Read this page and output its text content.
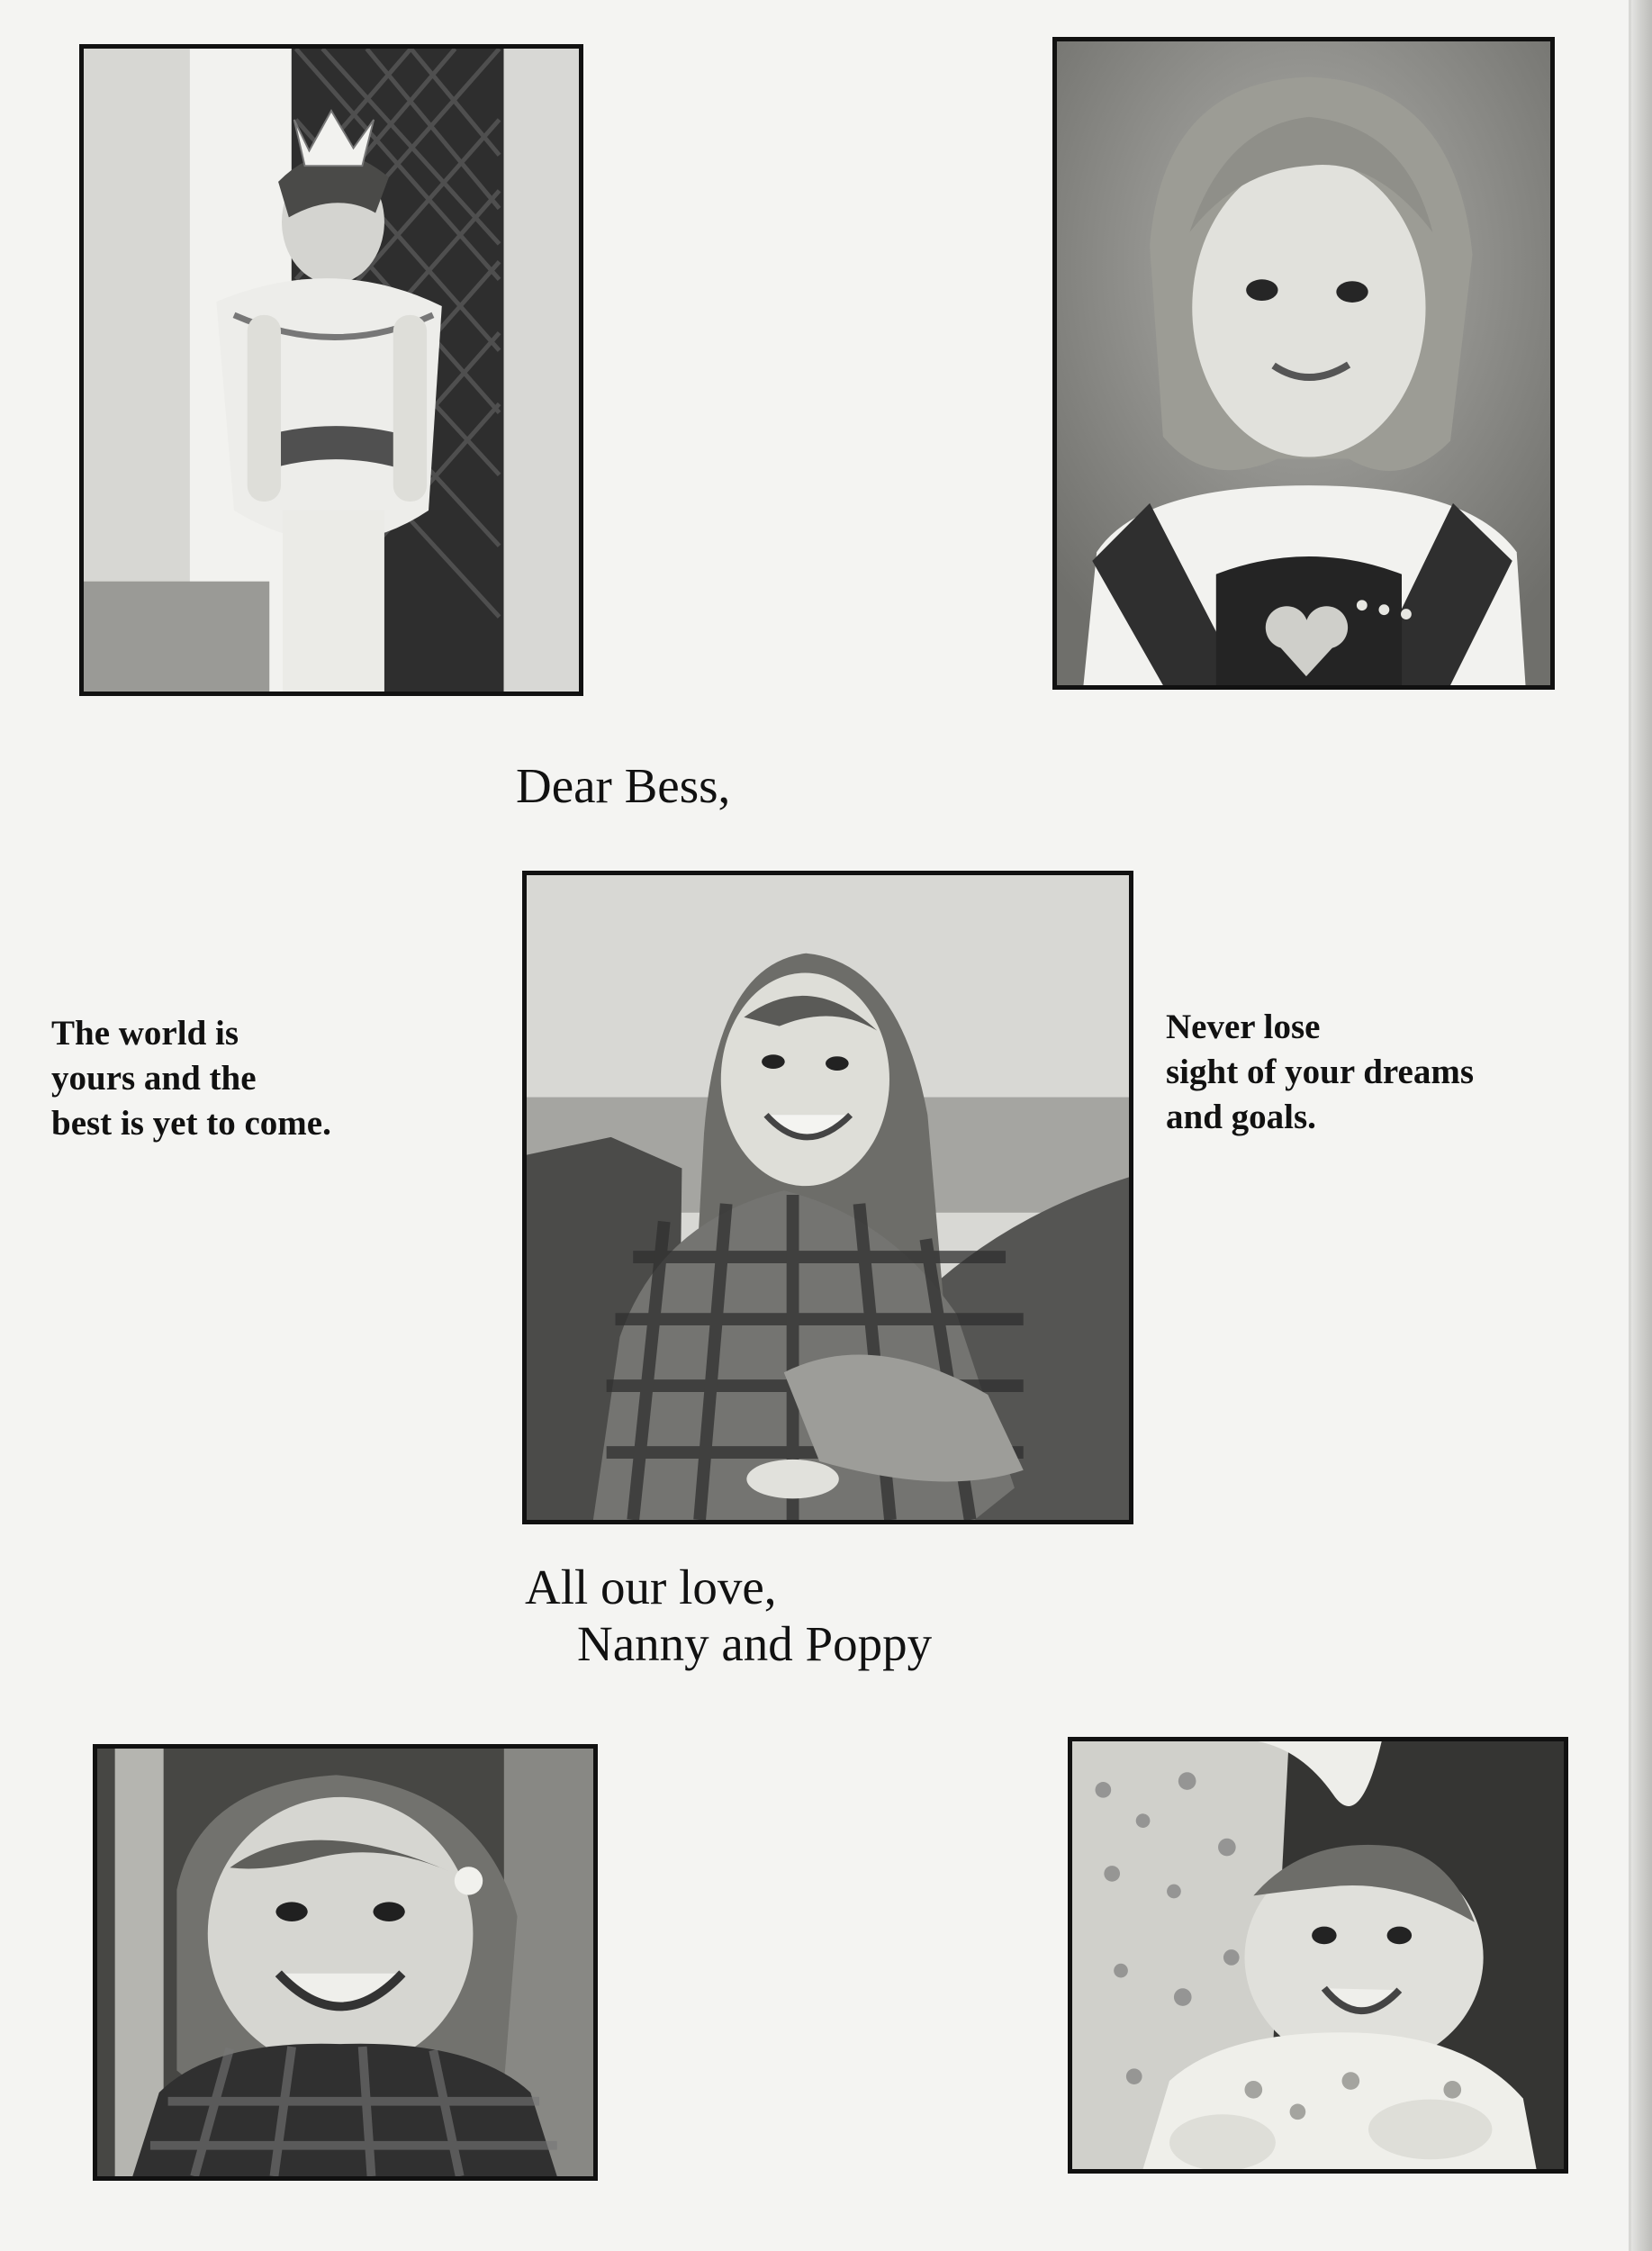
Dear Bess,
The world is
yours and the
best is yet to come.
Never lose
sight of your dreams
and goals.
All our love,
Nanny and Poppy
